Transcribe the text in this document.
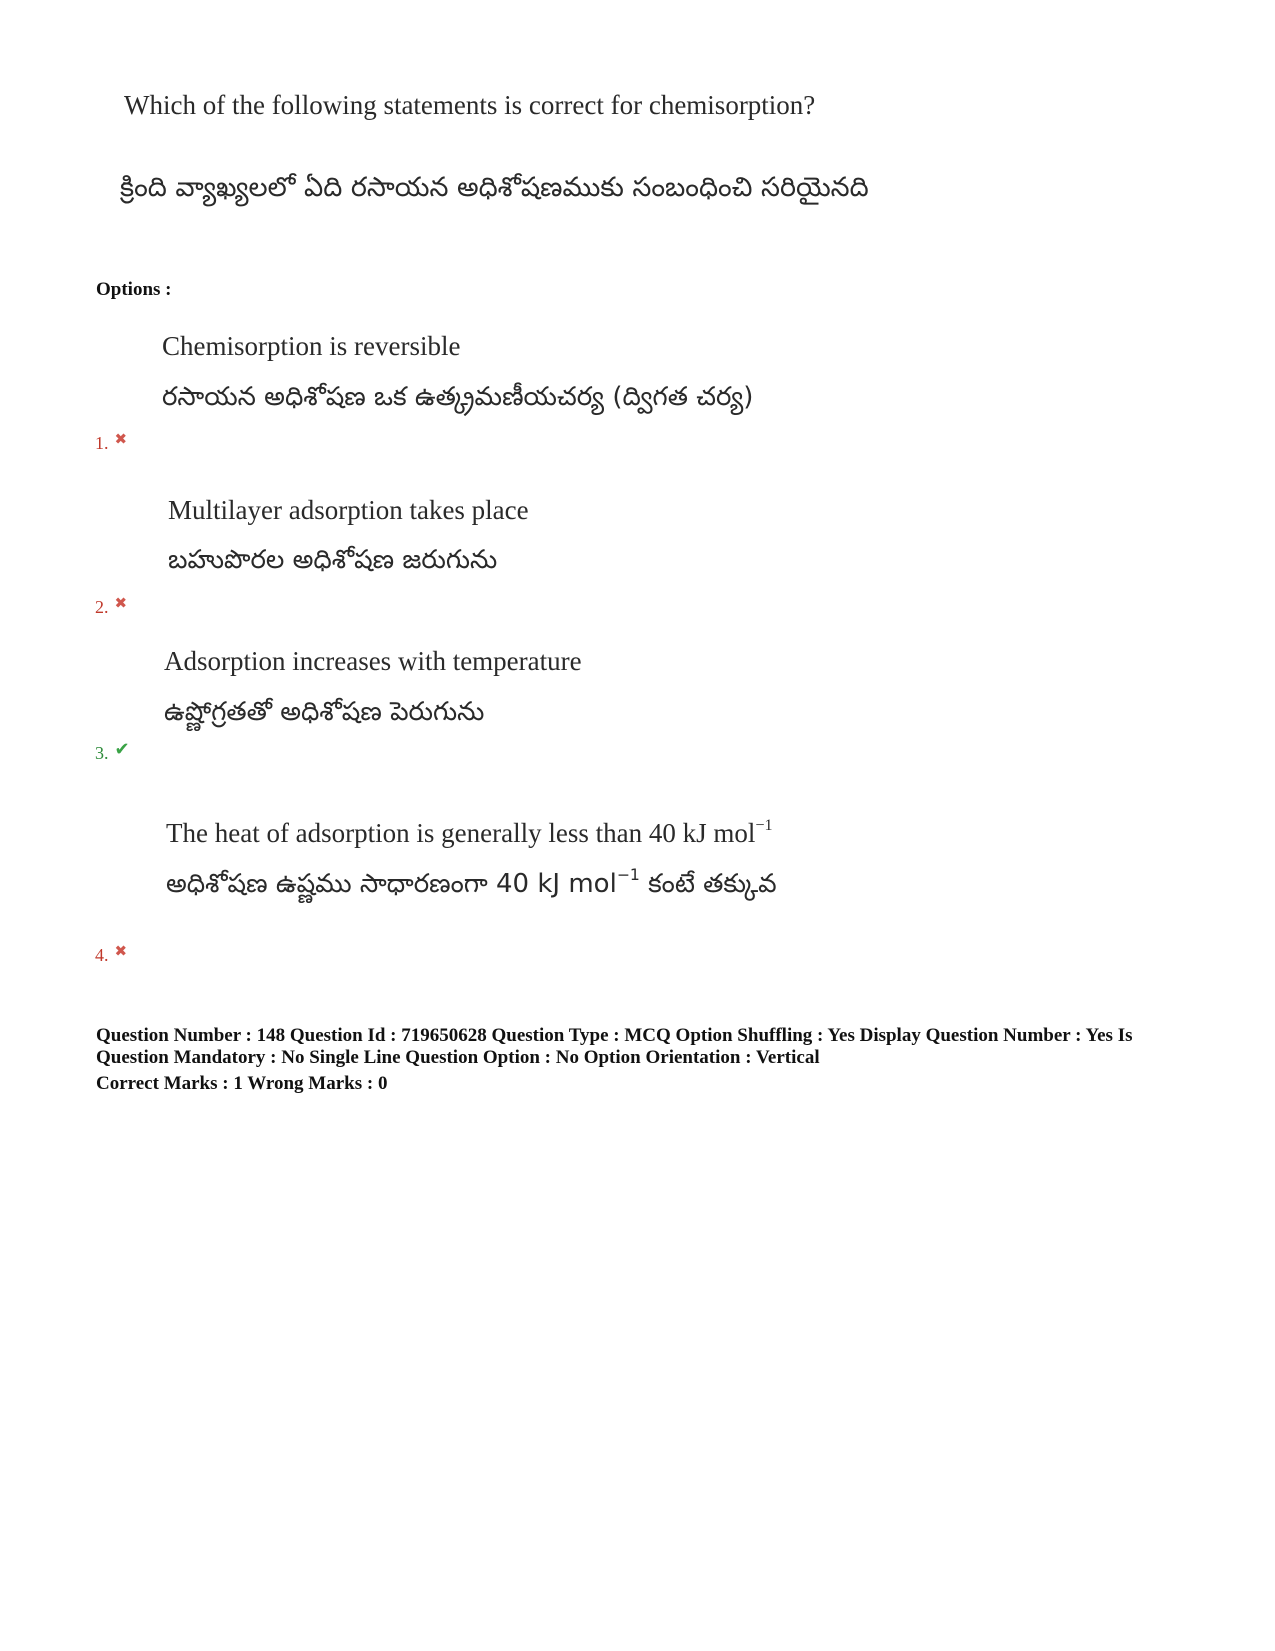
Which of the following statements is correct for chemisorption?
క్రింది వ్యాఖ్యలలో ఏది రసాయన అధిశోషణముకు సంబంధించి సరియైనది
Options :
Chemisorption is reversible
రసాయన అధిశోషణ ఒక ఉత్క్రమణీయచర్య (ద్విగత చర్య)
1. ✖
Multilayer adsorption takes place
బహుపొరల అధిశోషణ జరుగును
2. ✖
Adsorption increases with temperature
ఉష్ణోగ్రతతో అధిశోషణ పెరుగును
3. ✔
The heat of adsorption is generally less than 40 kJ mol$^{-1}$
అధిశోషణ ఉష్ణము సాధారణంగా 40 kJ mol$^{-1}$ కంటే తక్కువ
4. ✖
Question Number : 148 Question Id : 719650628 Question Type : MCQ Option Shuffling : Yes Display Question Number : Yes Is
Question Mandatory : No Single Line Question Option : No Option Orientation : Vertical
Correct Marks : 1 Wrong Marks : 0
